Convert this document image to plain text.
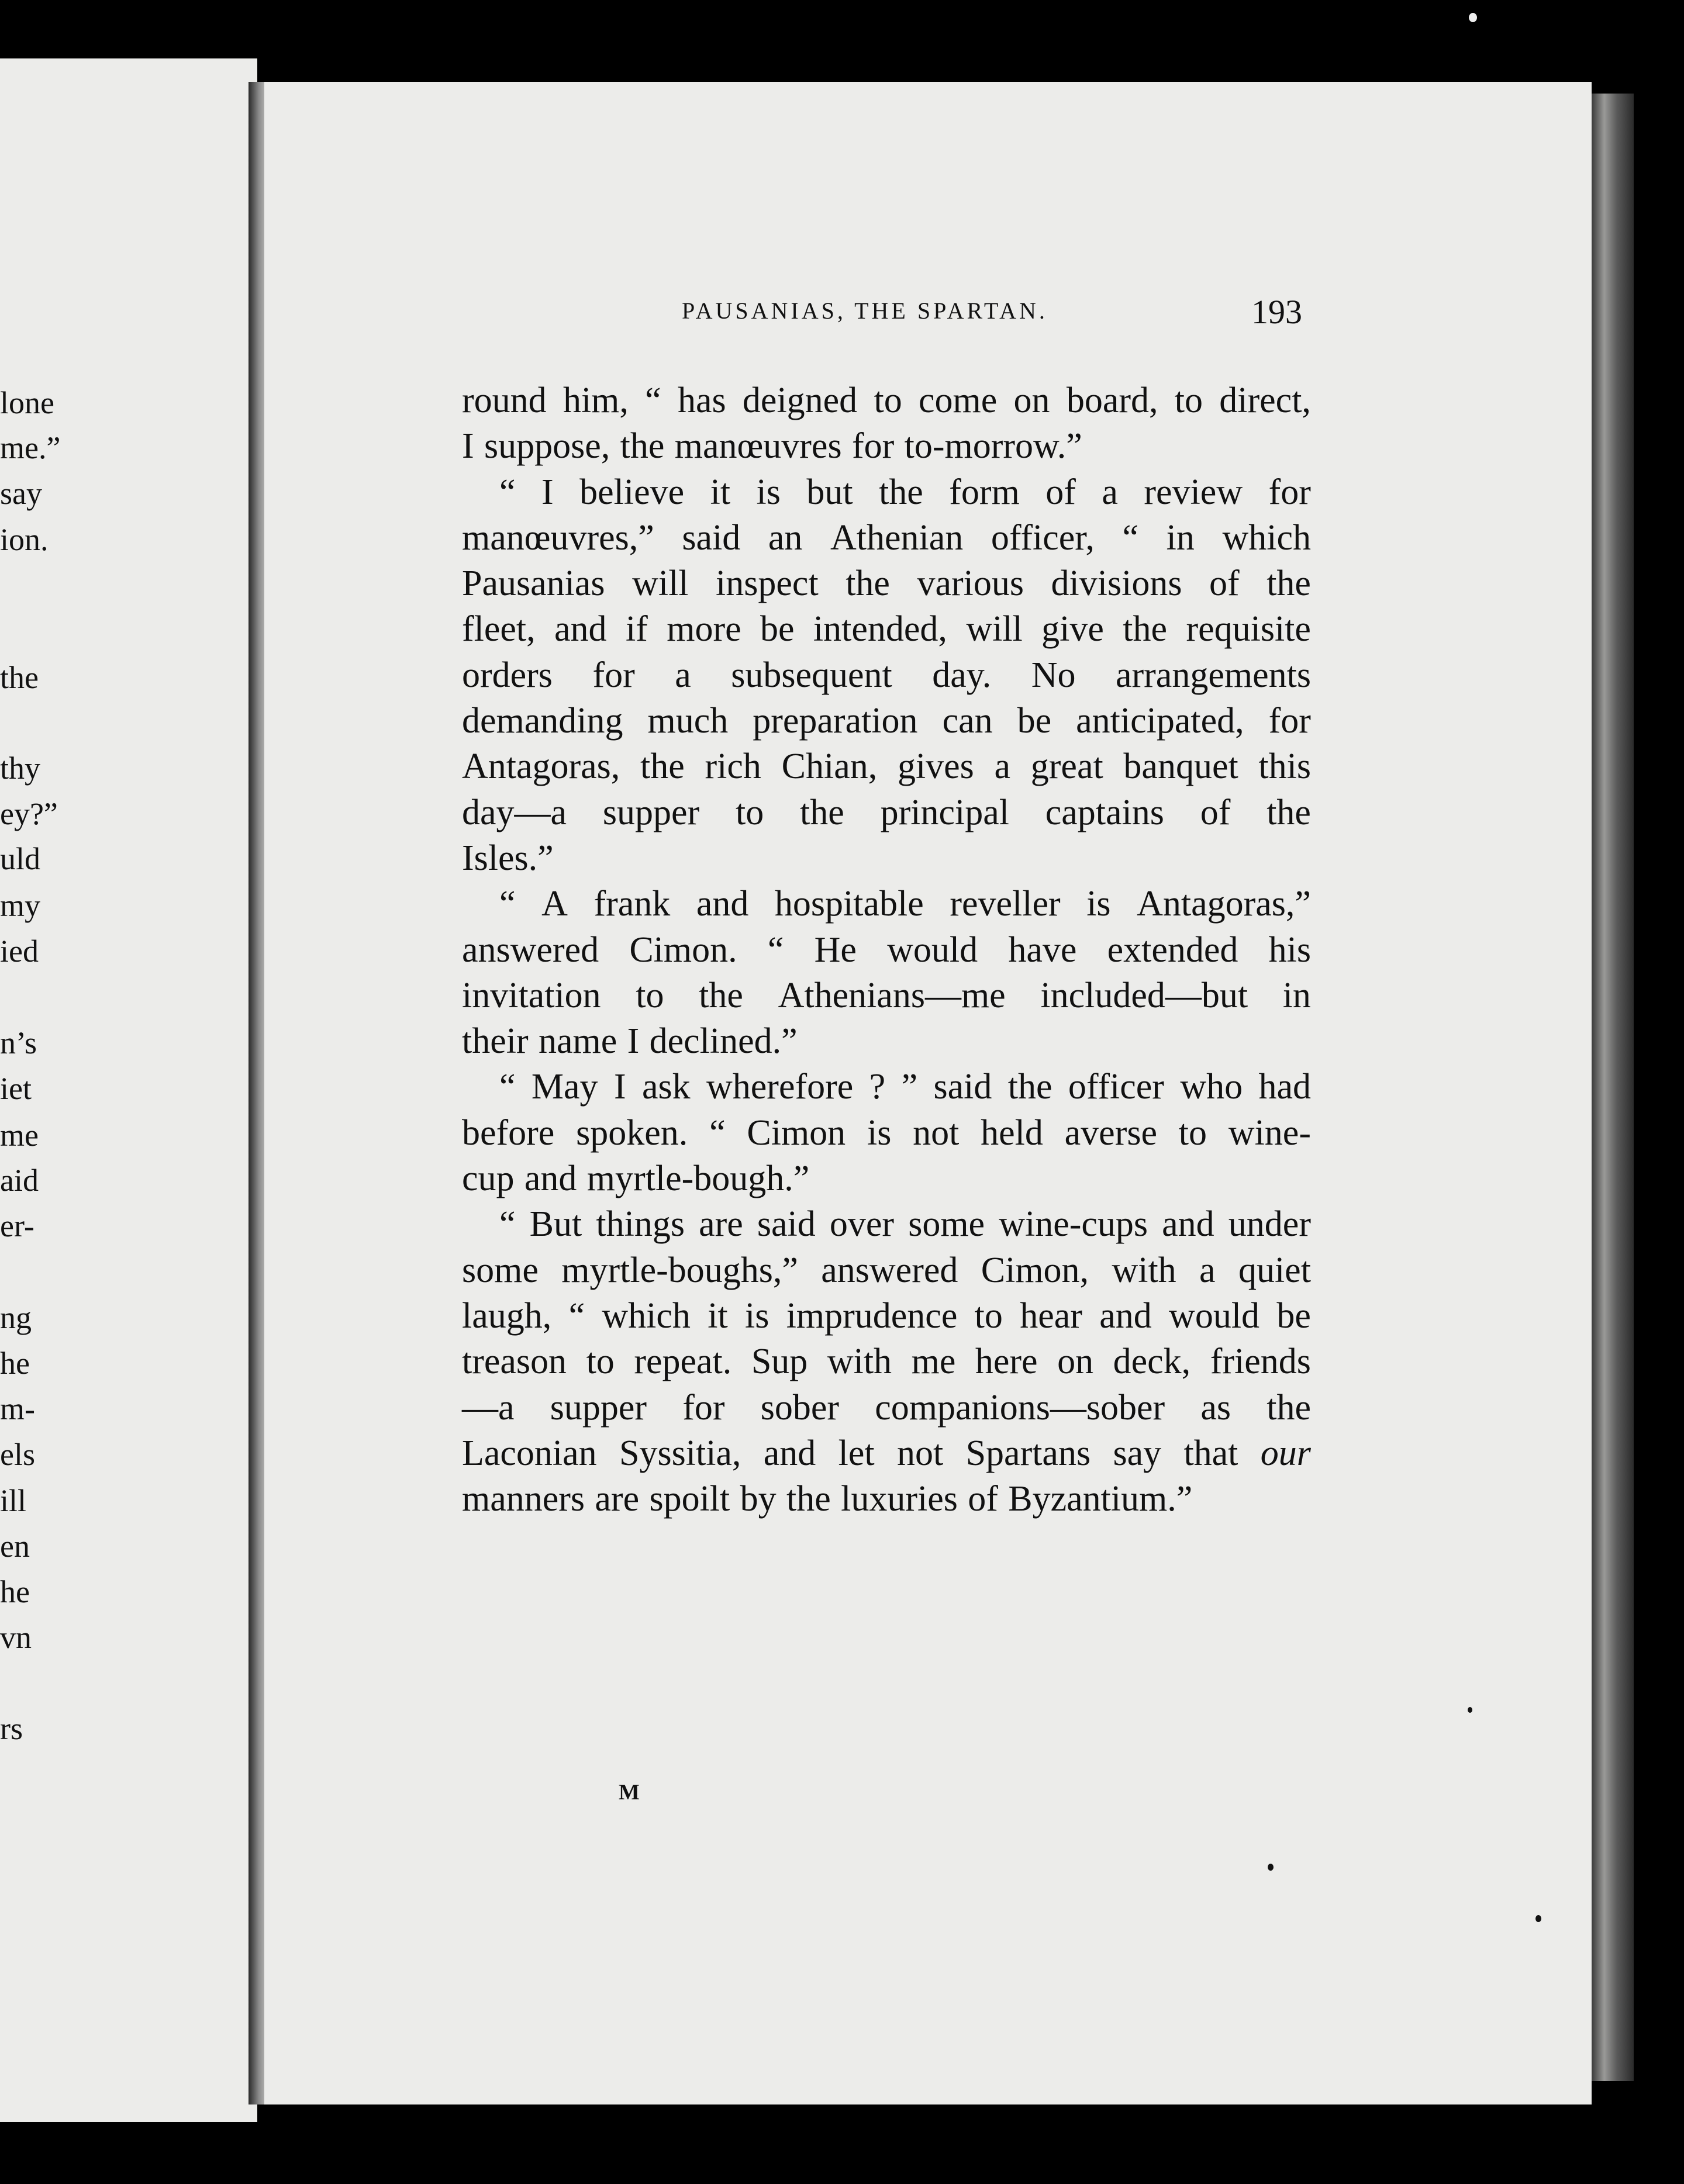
lone

me.”

say

ion.

the

thy

ey?”

uld

my

ied

n’s

iet

me

aid

er-

ng

he

m-

els

ill

en

he

vn

rs

PAUSANIAS, THE SPARTAN.	193

round him, “ has deigned to come on board, to direct,
I suppose, the manœuvres for to-morrow.”
“ I believe it is but the form of a review for
manœuvres,” said an Athenian officer, “ in which
Pausanias will inspect the various divisions of the
fleet, and if more be intended, will give the requisite
orders for a subsequent day. No arrangements
demanding much preparation can be anticipated, for
Antagoras, the rich Chian, gives a great banquet this
day—a supper to the principal captains of the
Isles.”
“ A frank and hospitable reveller is Antagoras,”
answered Cimon. “ He would have extended his
invitation to the Athenians—me included—but in
their name I declined.”
“ May I ask wherefore ? ” said the officer who had
before spoken. “ Cimon is not held averse to wine-
cup and myrtle-bough.”
“ But things are said over some wine-cups and under
some myrtle-boughs,” answered Cimon, with a quiet
laugh, “ which it is imprudence to hear and would be
treason to repeat. Sup with me here on deck, friends
—a supper for sober companions—sober as the
Laconian Syssitia, and let not Spartans say that our
manners are spoilt by the luxuries of Byzantium.”

M
